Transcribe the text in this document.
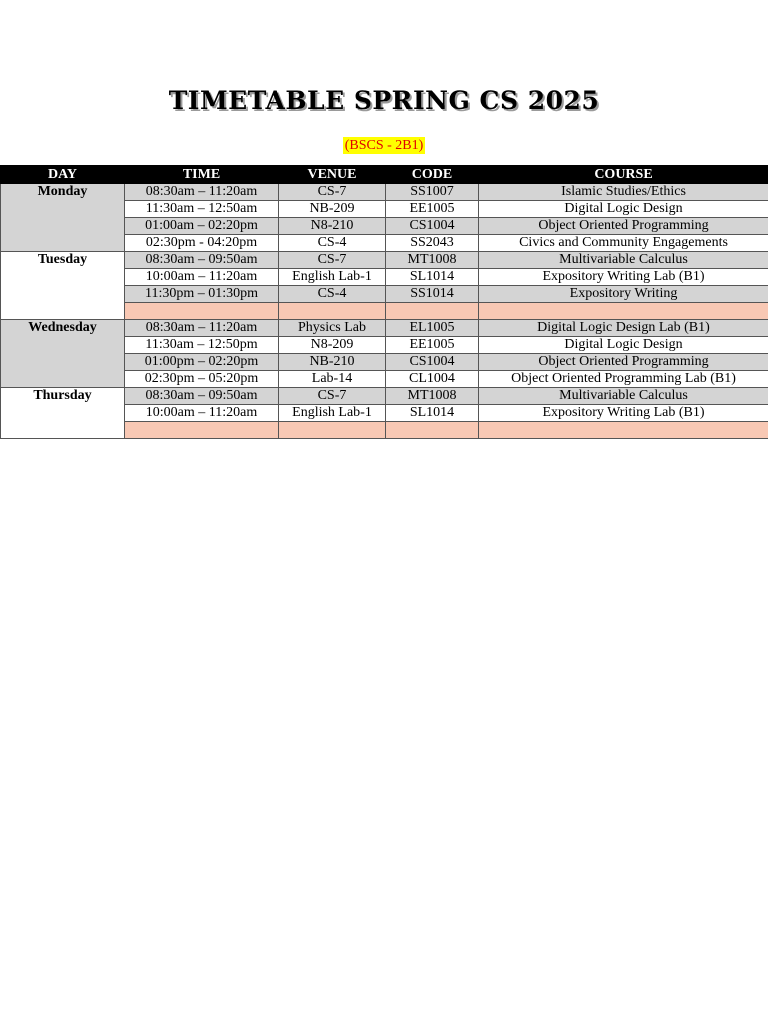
TIMETABLE SPRING CS 2025
(BSCS - 2B1)
DAY	TIME	VENUE	CODE	COURSE
Monday	08:30am – 11:20am	CS-7	SS1007	Islamic Studies/Ethics
	11:30am – 12:50am	NB-209	EE1005	Digital Logic Design
	01:00am – 02:20pm	N8-210	CS1004	Object Oriented Programming
	02:30pm - 04:20pm	CS-4	SS2043	Civics and Community Engagements
Tuesday	08:30am – 09:50am	CS-7	MT1008	Multivariable Calculus
	10:00am – 11:20am	English Lab-1	SL1014	Expository Writing Lab (B1)
	11:30pm – 01:30pm	CS-4	SS1014	Expository Writing

Wednesday	08:30am – 11:20am	Physics Lab	EL1005	Digital Logic Design Lab (B1)
	11:30am – 12:50pm	N8-209	EE1005	Digital Logic Design
	01:00pm – 02:20pm	NB-210	CS1004	Object Oriented Programming
	02:30pm – 05:20pm	Lab-14	CL1004	Object Oriented Programming Lab (B1)
Thursday	08:30am – 09:50am	CS-7	MT1008	Multivariable Calculus
	10:00am – 11:20am	English Lab-1	SL1014	Expository Writing Lab (B1)
